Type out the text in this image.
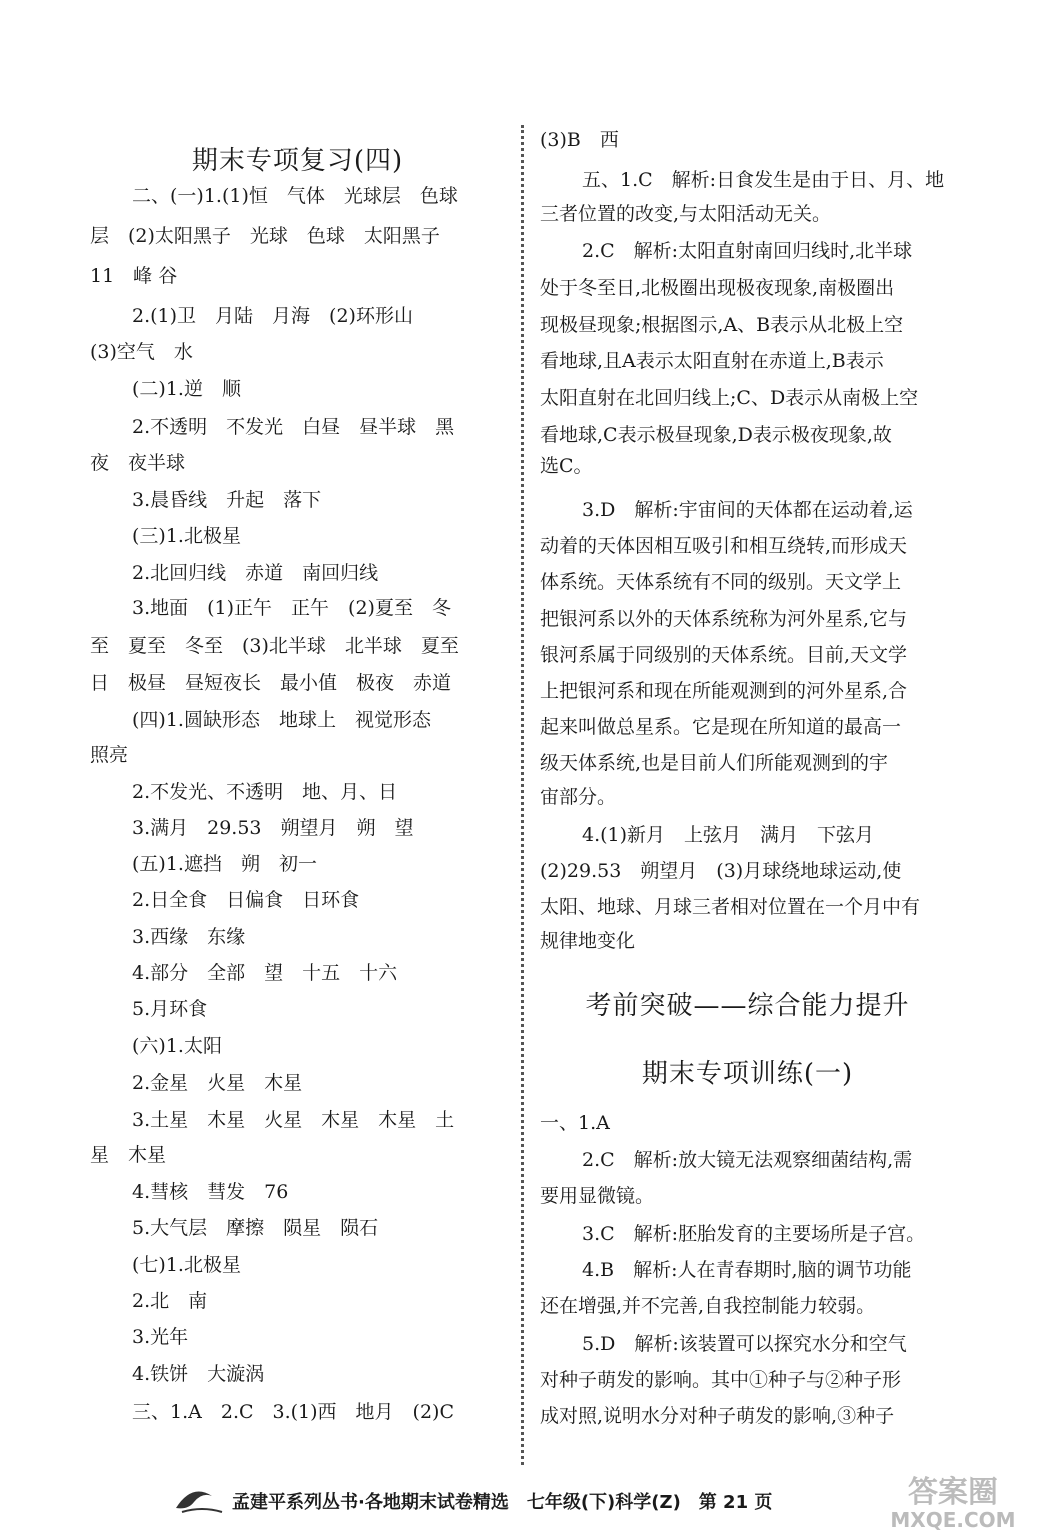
期末专项复习(四)
二、(一)1.(1)恒　气体　光球层　色球
层　(2)太阳黑子　光球　色球　太阳黑子
11　峰 谷
2.(1)卫　月陆　月海　(2)环形山
(3)空气　水
(二)1.逆　顺
2.不透明　不发光　白昼　昼半球　黑
夜　夜半球
3.晨昏线　升起　落下
(三)1.北极星
2.北回归线　赤道　南回归线
3.地面　(1)正午　正午　(2)夏至　冬
至　夏至　冬至　(3)北半球　北半球　夏至
日　极昼　昼短夜长　最小值　极夜　赤道
(四)1.圆缺形态　地球上　视觉形态
照亮
2.不发光、不透明　地、月、日
3.满月　29.53　朔望月　朔　望
(五)1.遮挡　朔　初一
2.日全食　日偏食　日环食
3.西缘　东缘
4.部分　全部　望　十五　十六
5.月环食
(六)1.太阳
2.金星　火星　木星
3.土星　木星　火星　木星　木星　土
星　木星
4.彗核　彗发　76
5.大气层　摩擦　陨星　陨石
(七)1.北极星
2.北　南
3.光年
4.铁饼　大漩涡
三、1.A　2.C　3.(1)西　地月　(2)C
考前突破——综合能力提升
期末专项训练(一)
(3)B　西
五、1.C　解析:日食发生是由于日、月、地
三者位置的改变,与太阳活动无关。
2.C　解析:太阳直射南回归线时,北半球
处于冬至日,北极圈出现极夜现象,南极圈出
现极昼现象;根据图示,A、B表示从北极上空
看地球,且A表示太阳直射在赤道上,B表示
太阳直射在北回归线上;C、D表示从南极上空
看地球,C表示极昼现象,D表示极夜现象,故
选C。
3.D　解析:宇宙间的天体都在运动着,运
动着的天体因相互吸引和相互绕转,而形成天
体系统。天体系统有不同的级别。天文学上
把银河系以外的天体系统称为河外星系,它与
银河系属于同级别的天体系统。目前,天文学
上把银河系和现在所能观测到的河外星系,合
起来叫做总星系。它是现在所知道的最高一
级天体系统,也是目前人们所能观测到的宇
宙部分。
4.(1)新月　上弦月　满月　下弦月
(2)29.53　朔望月　(3)月球绕地球运动,使
太阳、地球、月球三者相对位置在一个月中有
规律地变化
一、1.A
2.C　解析:放大镜无法观察细菌结构,需
要用显微镜。
3.C　解析:胚胎发育的主要场所是子宫。
4.B　解析:人在青春期时,脑的调节功能
还在增强,并不完善,自我控制能力较弱。
5.D　解析:该装置可以探究水分和空气
对种子萌发的影响。其中①种子与②种子形
成对照,说明水分对种子萌发的影响,③种子
孟建平系列丛书·各地期末试卷精选　七年级(下)科学(Z)　第 21 页	答案圈
MXQE.COM
